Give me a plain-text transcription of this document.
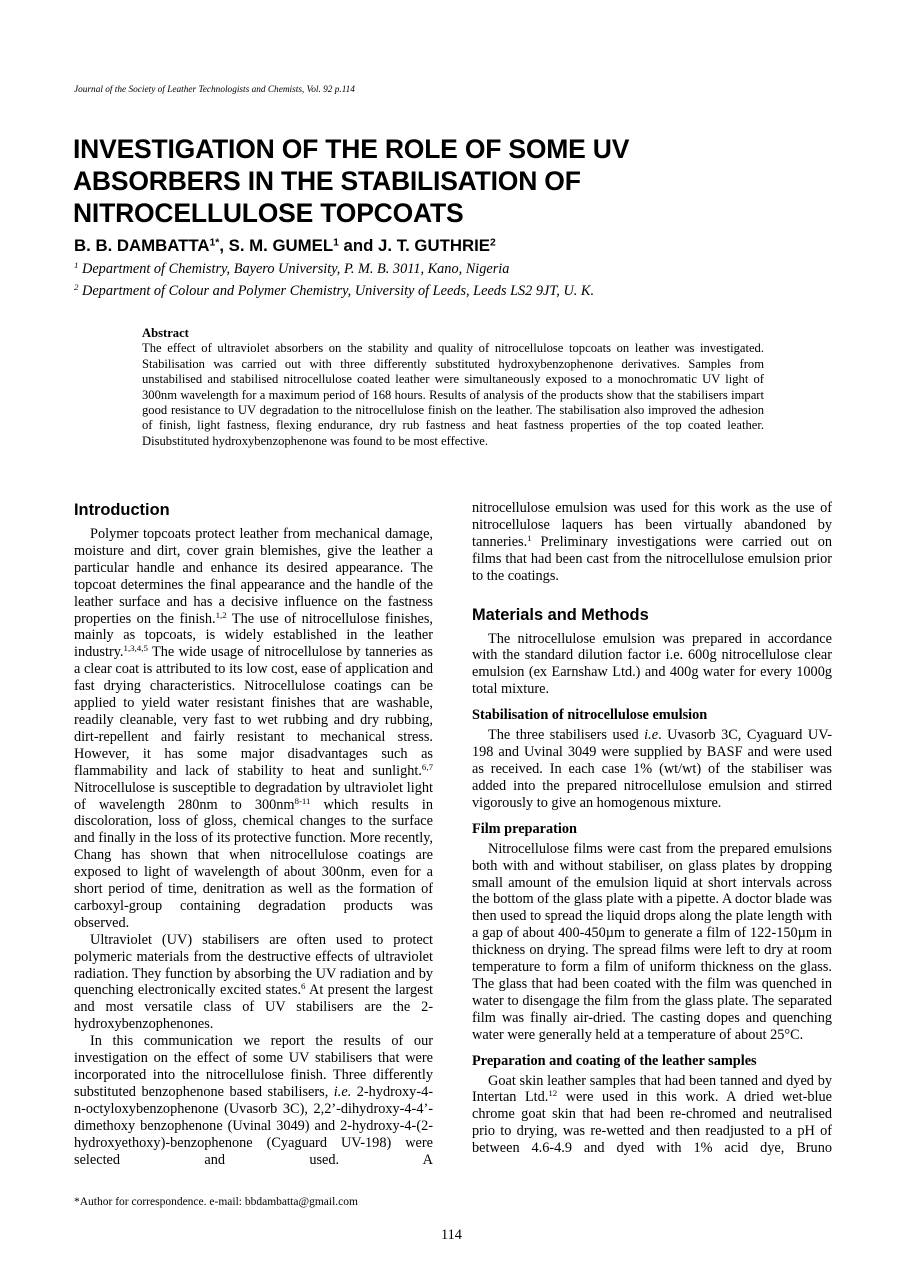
Journal of the Society of Leather Technologists and Chemists, Vol. 92 p.114
INVESTIGATION OF THE ROLE OF SOME UV ABSORBERS IN THE STABILISATION OF NITROCELLULOSE TOPCOATS
B. B. $DAMBATTA^{1*}$, S. M. GUMEL$^1$ and J. T. GUTHRIE$^2$
$^1$ Department of Chemistry, Bayero University, P. M. B. 3011, Kano, Nigeria
$^2$ Department of Colour and Polymer Chemistry, University of Leeds, Leeds LS2 9JT, U. K.
Abstract
The effect of ultraviolet absorbers on the stability and quality of nitrocellulose topcoats on leather was investigated. Stabilisation was carried out with three differently substituted hydroxybenzophenone derivatives. Samples from unstabilised and stabilised nitrocellulose coated leather were simultaneously exposed to a monochromatic UV light of 300nm wavelength for a maximum period of 168 hours. Results of analysis of the products show that the stabilisers impart good resistance to UV degradation to the nitrocellulose finish on the leather. The stabilisation also improved the adhesion of finish, light fastness, flexing endurance, dry rub fastness and heat fastness properties of the top coated leather. Disubstituted hydroxybenzophenone was found to be most effective.
Introduction

Polymer topcoats protect leather from mechanical damage, moisture and dirt, cover grain blemishes, give the leather a particular handle and enhance its desired appearance. The topcoat determines the final appearance and the handle of the leather surface and has a decisive influence on the fastness properties on the finish.$^{1,2}$ The use of nitrocellulose finishes, mainly as topcoats, is widely established in the leather industry.$^{1,3,4,5}$ The wide usage of nitrocellulose by tanneries as a clear coat is attributed to its low cost, ease of application and fast drying characteristics. Nitrocellulose coatings can be applied to yield water resistant finishes that are washable, readily cleanable, very fast to wet rubbing and dry rubbing, dirt-repellent and fairly resistant to mechanical stress. However, it has some major disadvantages such as flammability and lack of stability to heat and sunlight.$^{6,7}$ Nitrocellulose is susceptible to degradation by ultraviolet light of wavelength 280nm to $300nm^{8-11}$ which results in discoloration, loss of gloss, chemical changes to the surface and finally in the loss of its protective function. More recently, Chang has shown that when nitrocellulose coatings are exposed to light of wavelength of about 300nm, even for a short period of time, denitration as well as the formation of carboxyl-group containing degradation products was observed.

Ultraviolet (UV) stabilisers are often used to protect polymeric materials from the destructive effects of ultraviolet radiation. They function by absorbing the UV radiation and by quenching electronically excited states.$^6$ At present the largest and most versatile class of UV stabilisers are the 2-hydroxybenzophenones.

In this communication we report the results of our investigation on the effect of some UV stabilisers that were incorporated into the nitrocellulose finish. Three differently substituted benzophenone based stabilisers, i.e. 2-hydroxy-4-n-octyloxybenzophenone (Uvasorb 3C), 2,2’-dihydroxy-4-4’-dimethoxy benzophenone (Uvinal 3049) and 2-hydroxy-4-(2-hydroxyethoxy)-benzophenone (Cyaguard UV-198) were selected and used. A

nitrocellulose emulsion was used for this work as the use of nitrocellulose laquers has been virtually abandoned by tanneries.$^1$ Preliminary investigations were carried out on films that had been cast from the nitrocellulose emulsion prior to the coatings.

Materials and Methods

The nitrocellulose emulsion was prepared in accordance with the standard dilution factor i.e. 600g nitrocellulose clear emulsion (ex Earnshaw Ltd.) and 400g water for every 1000g total mixture.

Stabilisation of nitrocellulose emulsion

The three stabilisers used i.e. Uvasorb 3C, Cyaguard UV-198 and Uvinal 3049 were supplied by BASF and were used as received. In each case 1% (wt/wt) of the stabiliser was added into the prepared nitrocellulose emulsion and stirred vigorously to give an homogenous mixture.

Film preparation

Nitrocellulose films were cast from the prepared emulsions both with and without stabiliser, on glass plates by dropping small amount of the emulsion liquid at short intervals across the bottom of the glass plate with a pipette. A doctor blade was then used to spread the liquid drops along the plate length with a gap of about 400-450µm to generate a film of 122-150µm in thickness on drying. The spread films were left to dry at room temperature to form a film of uniform thickness on the glass. The glass that had been coated with the film was quenched in water to disengage the film from the glass plate. The separated film was finally air-dried. The casting dopes and quenching water were generally held at a temperature of about 25°C.

Preparation and coating of the leather samples

Goat skin leather samples that had been tanned and dyed by Intertan Ltd.$^{12}$ were used in this work. A dried wet-blue chrome goat skin that had been re-chromed and neutralised prio to drying, was re-wetted and then readjusted to a pH of between 4.6-4.9 and dyed with 1% acid dye, Bruno

*Author for correspondence. e-mail: bbdambatta@gmail.com
114
